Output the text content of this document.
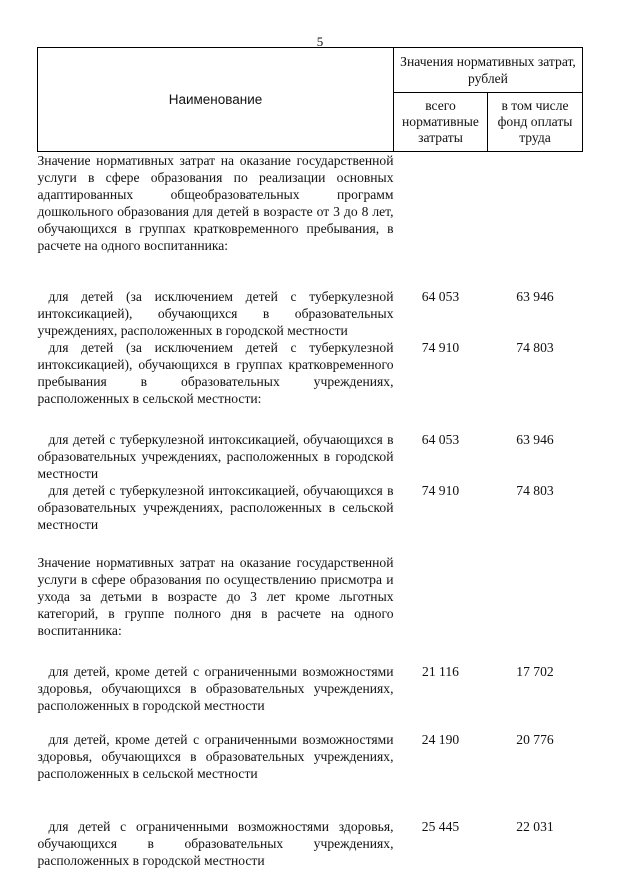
5
Наименование	Значения нормативных затрат, рублей	
	всего нормативные затраты	в том числе фонд оплаты труда
Значение нормативных затрат на оказание государственной услуги в сфере образования по реализации основных адаптированных общеобразовательных программ дошкольного образования для детей в возрасте от 3 до 8 лет, обучающихся в группах кратковременного пребывания, в расчете на одного воспитанника:		
для детей (за исключением детей с туберкулезной интоксикацией), обучающихся в образовательных учреждениях, расположенных в городской местности	64 053	63 946
для детей (за исключением детей с туберкулезной интоксикацией), обучающихся в группах кратковременного пребывания в образовательных учреждениях, расположенных в сельской местности:	74 910	74 803
для детей с туберкулезной интоксикацией, обучающихся в образовательных учреждениях, расположенных в городской местности	64 053	63 946
для детей с туберкулезной интоксикацией, обучающихся в образовательных учреждениях, расположенных в сельской местности	74 910	74 803
Значение нормативных затрат на оказание государственной услуги в сфере образования по осуществлению присмотра и ухода за детьми в возрасте до 3 лет кроме льготных категорий, в группе полного дня в расчете на одного воспитанника:		
для детей, кроме детей с ограниченными возможностями здоровья, обучающихся в образовательных учреждениях, расположенных в городской местности	21 116	17 702
для детей, кроме детей с ограниченными возможностями здоровья, обучающихся в образовательных учреждениях, расположенных в сельской местности	24 190	20 776
для детей с ограниченными возможностями здоровья, обучающихся в образовательных учреждениях, расположенных в городской местности	25 445	22 031
